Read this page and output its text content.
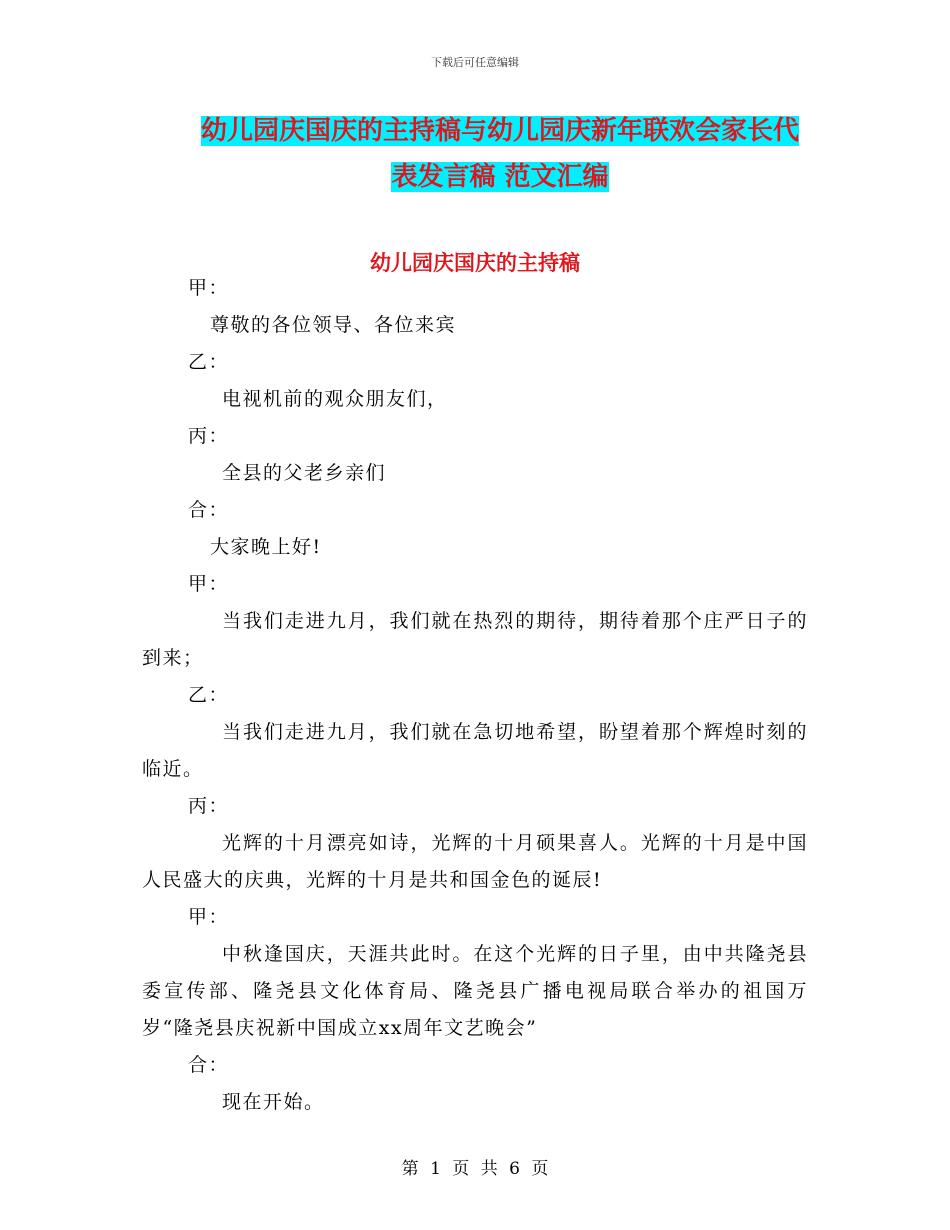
下载后可任意编辑
幼儿园庆国庆的主持稿与幼儿园庆新年联欢会家长代
表发言稿 范文汇编
幼儿园庆国庆的主持稿
甲：
尊敬的各位领导、各位来宾
乙：
电视机前的观众朋友们，
丙：
全县的父老乡亲们
合：
大家晚上好!
甲：
当我们走进九月，我们就在热烈的期待，期待着那个庄严日子的到来；
乙：
当我们走进九月，我们就在急切地希望，盼望着那个辉煌时刻的临近。
丙：
光辉的十月漂亮如诗，光辉的十月硕果喜人。光辉的十月是中国人民盛大的庆典，光辉的十月是共和国金色的诞辰!
甲：
中秋逢国庆，天涯共此时。在这个光辉的日子里，由中共隆尧县委宣传部、隆尧县文化体育局、隆尧县广播电视局联合举办的祖国万岁“隆尧县庆祝新中国成立xx周年文艺晚会”
合：
现在开始。
第 1 页 共 6 页
